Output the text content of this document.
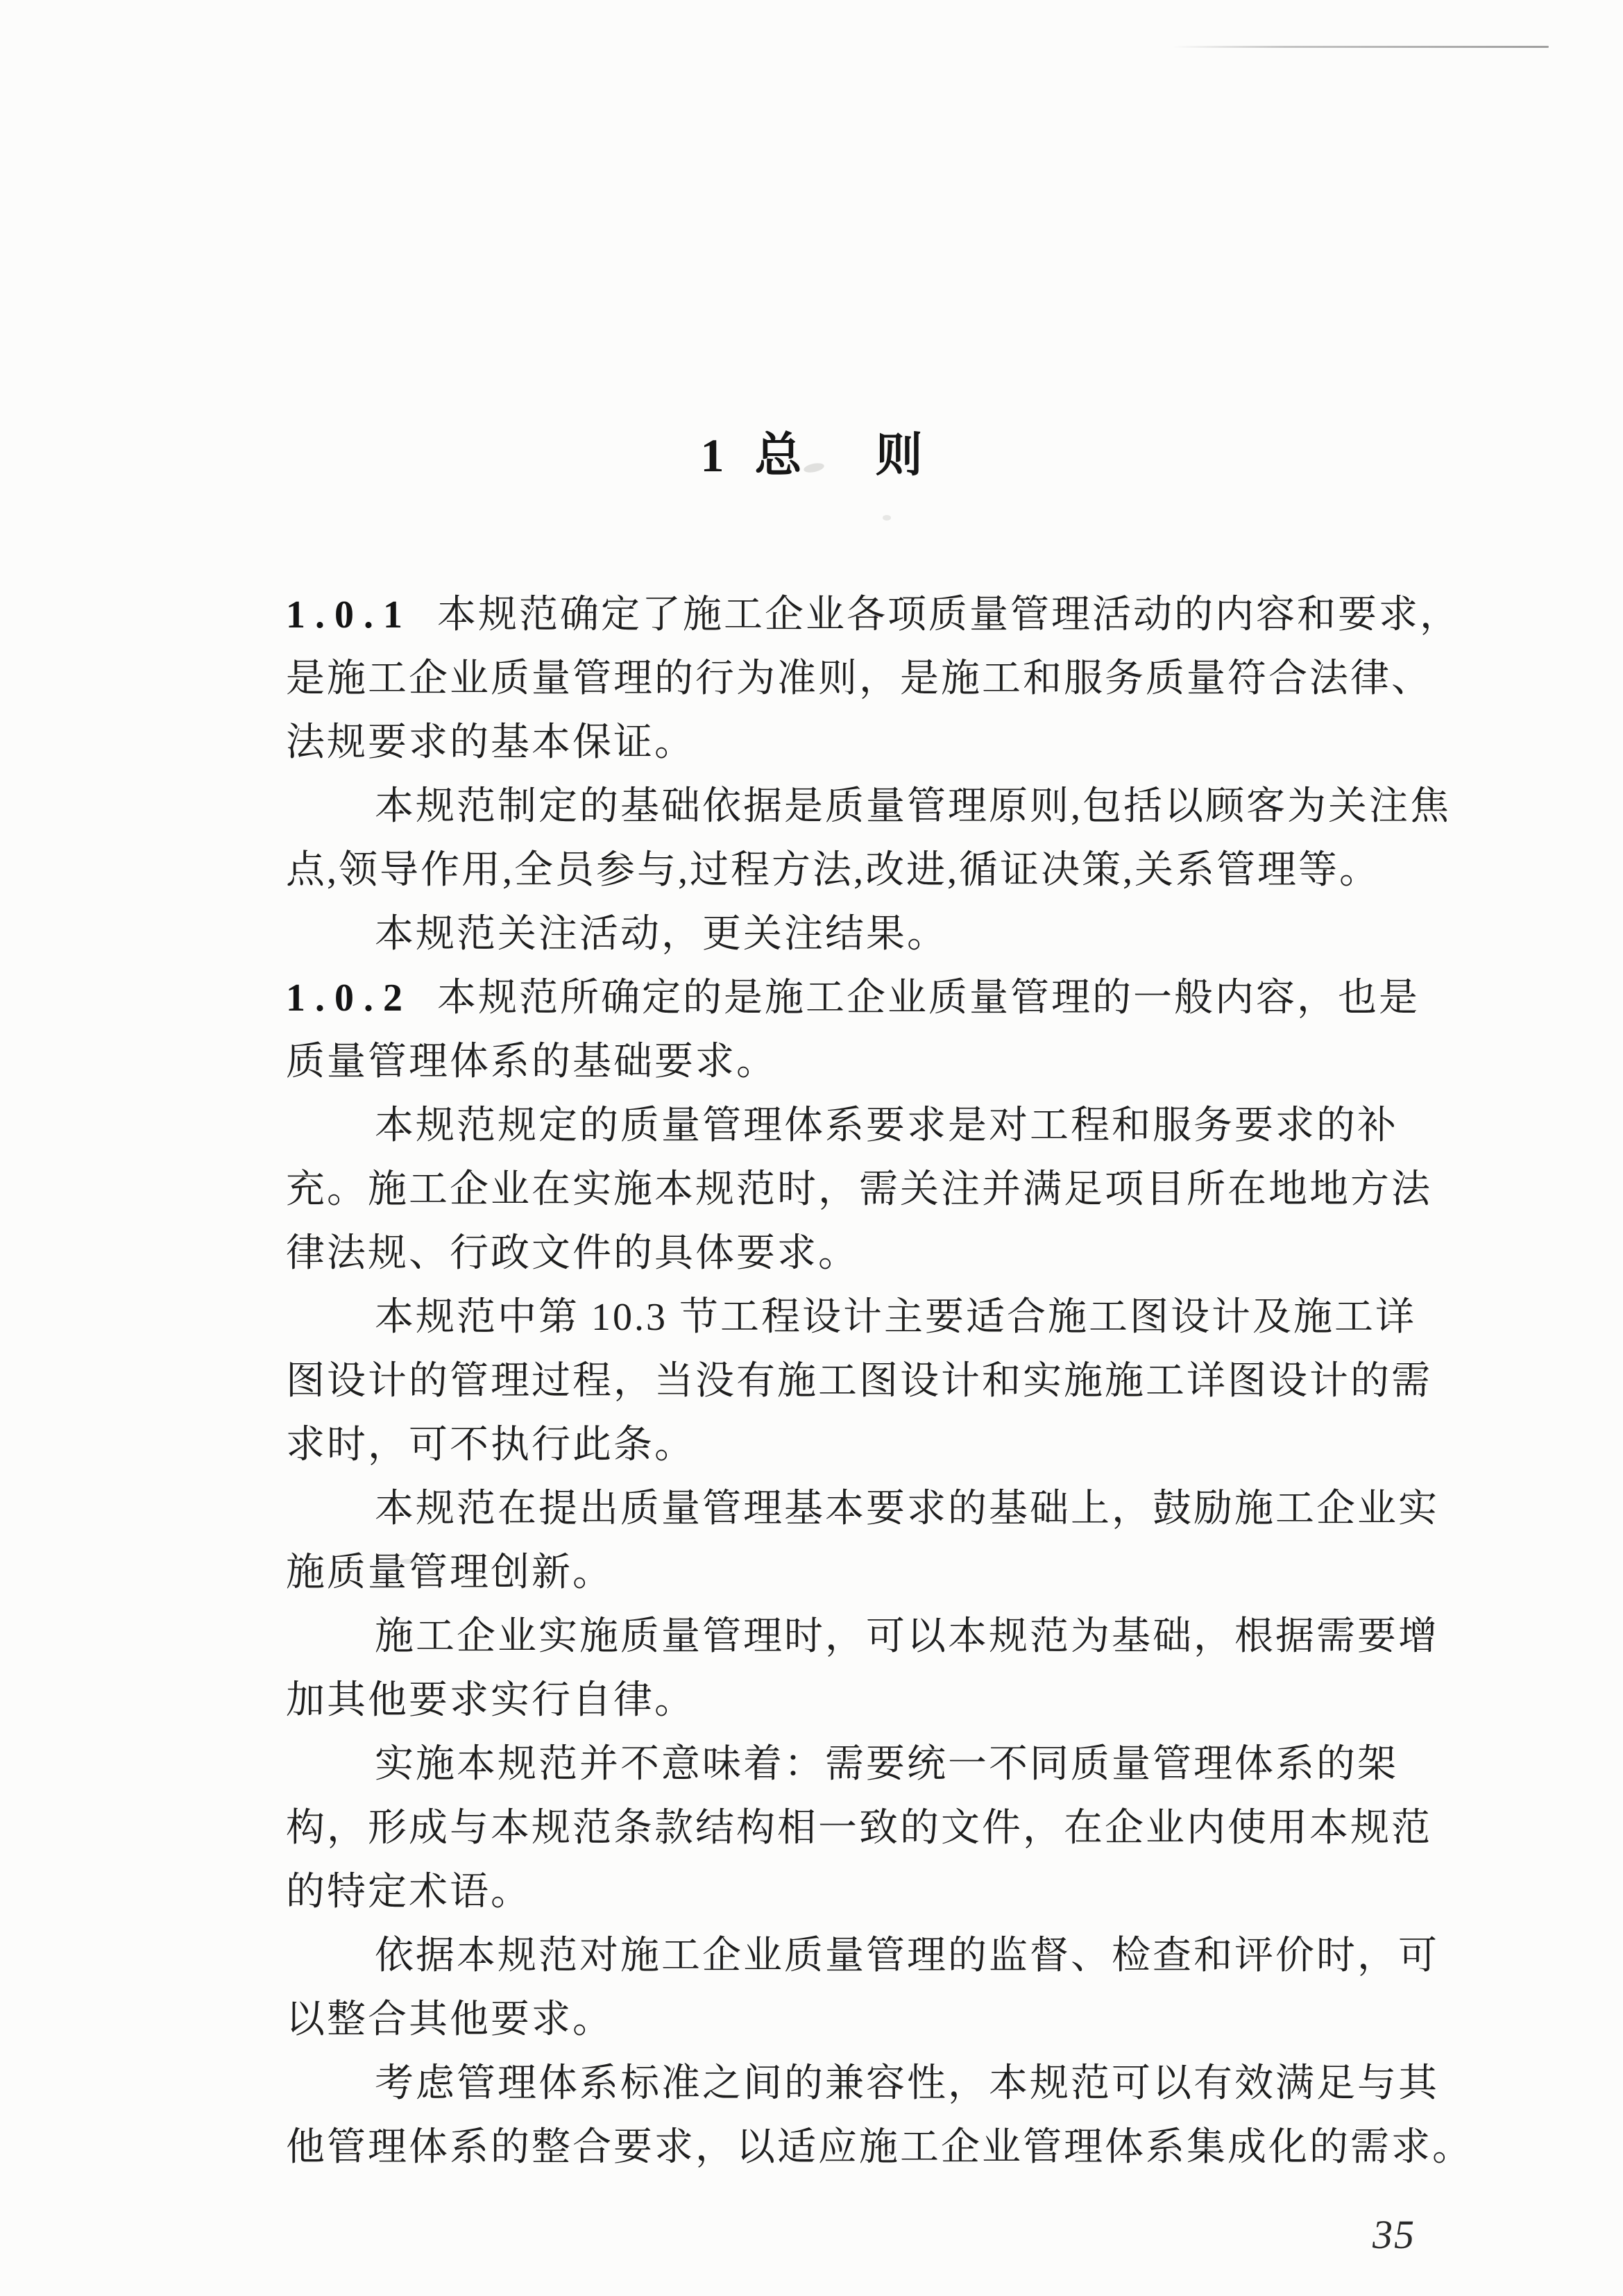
1 总 则
1.0.1 本规范确定了施工企业各项质量管理活动的内容和要求，
是施工企业质量管理的行为准则，是施工和服务质量符合法律、
法规要求的基本保证。
本规范制定的基础依据是质量管理原则,包括以顾客为关注焦
点,领导作用,全员参与,过程方法,改进,循证决策,关系管理等。
本规范关注活动，更关注结果。
1.0.2 本规范所确定的是施工企业质量管理的一般内容，也是
质量管理体系的基础要求。
本规范规定的质量管理体系要求是对工程和服务要求的补
充。施工企业在实施本规范时，需关注并满足项目所在地地方法
律法规、行政文件的具体要求。
本规范中第 10.3 节工程设计主要适合施工图设计及施工详
图设计的管理过程，当没有施工图设计和实施施工详图设计的需
求时，可不执行此条。
本规范在提出质量管理基本要求的基础上，鼓励施工企业实
施质量管理创新。
施工企业实施质量管理时，可以本规范为基础，根据需要增
加其他要求实行自律。
实施本规范并不意味着：需要统一不同质量管理体系的架
构，形成与本规范条款结构相一致的文件，在企业内使用本规范
的特定术语。
依据本规范对施工企业质量管理的监督、检查和评价时，可
以整合其他要求。
考虑管理体系标准之间的兼容性，本规范可以有效满足与其
他管理体系的整合要求，以适应施工企业管理体系集成化的需求。
35
